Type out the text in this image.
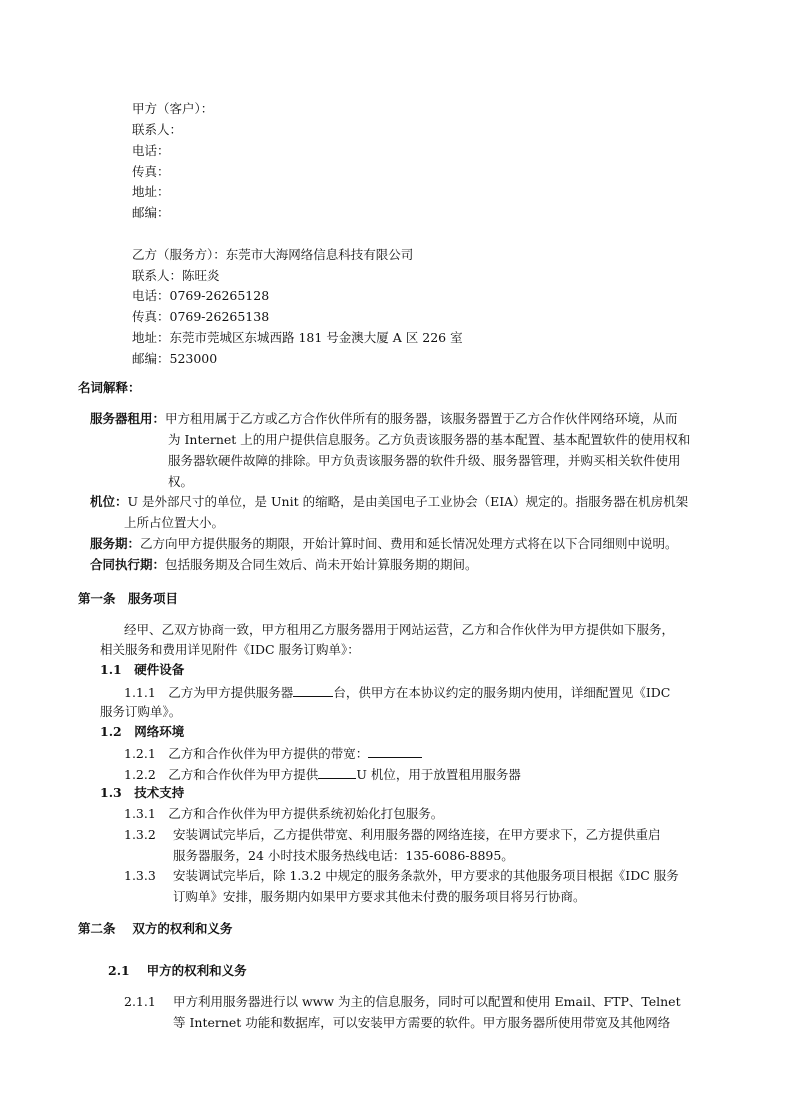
甲方（客户）：
联系人：
电话：
传真：
地址：
邮编：
乙方（服务方）：东莞市大海网络信息科技有限公司
联系人：陈旺炎
电话：0769-26265128
传真：0769-26265138
地址：东莞市莞城区东城西路 181 号金澳大厦 A 区 226 室
邮编：523000
名词解释：
服务器租用：甲方租用属于乙方或乙方合作伙伴所有的服务器，该服务器置于乙方合作伙伴网络环境，从而
为 Internet 上的用户提供信息服务。乙方负责该服务器的基本配置、基本配置软件的使用权和
服务器软硬件故障的排除。甲方负责该服务器的软件升级、服务器管理，并购买相关软件使用
权。
机位：U 是外部尺寸的单位，是 Unit 的缩略，是由美国电子工业协会（EIA）规定的。指服务器在机房机架
上所占位置大小。
服务期：乙方向甲方提供服务的期限，开始计算时间、费用和延长情况处理方式将在以下合同细则中说明。
合同执行期：包括服务期及合同生效后、尚未开始计算服务期的期间。
第一条　服务项目
经甲、乙双方协商一致，甲方租用乙方服务器用于网站运营，乙方和合作伙伴为甲方提供如下服务，
相关服务和费用详见附件《IDC 服务订购单》：
1.1　硬件设备
1.1.1　乙方为甲方提供服务器	台，供甲方在本协议约定的服务期内使用，详细配置见《IDC
服务订购单》。
1.2　网络环境
1.2.1　乙方和合作伙伴为甲方提供的带宽：
1.2.2　乙方和合作伙伴为甲方提供	U 机位，用于放置租用服务器
1.3　技术支持
1.3.1　乙方和合作伙伴为甲方提供系统初始化打包服务。
1.3.2 安装调试完毕后，乙方提供带宽、利用服务器的网络连接，在甲方要求下，乙方提供重启
服务器服务，24 小时技术服务热线电话：135-6086-8895。
1.3.3 安装调试完毕后，除 1.3.2 中规定的服务条款外，甲方要求的其他服务项目根据《IDC 服务
订购单》安排，服务期内如果甲方要求其他未付费的服务项目将另行协商。
第二条　 双方的权利和义务
2.1　 甲方的权利和义务
2.1.1 甲方利用服务器进行以 www 为主的信息服务，同时可以配置和使用 Email、FTP、Telnet
等 Internet 功能和数据库，可以安装甲方需要的软件。甲方服务器所使用带宽及其他网络
